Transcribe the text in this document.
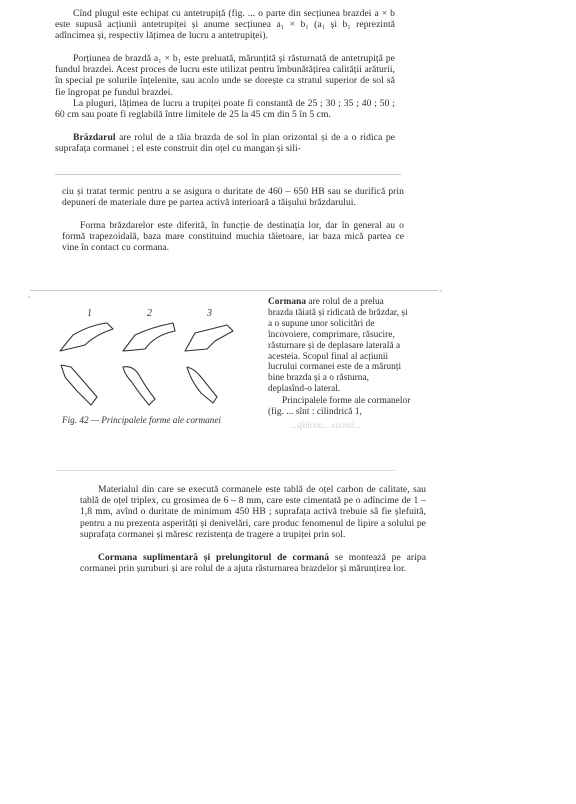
Cînd plugul este echipat cu antetrupiță (fig. ... o parte din secțiunea brazdei a × b este supusă acțiunii antetrupiței și anume secțiunea a₁ × b₁ (a₁ și b₁ reprezintă adîncimea și, respectiv lățimea de lucru a antetrupiței).

Porțiunea de brazdă a₁ × b₁ este preluată, mărunțită și răsturnată de antetrupiță pe fundul brazdei. Acest proces de lucru este utilizat pentru îmbunătățirea calității arăturii, în special pe solurile înțelenite, sau acolo unde se dorește ca stratul superior de sol să fie îngropat pe fundul brazdei.

La pluguri, lățimea de lucru a trupiței poate fi constantă de 25 ; 30 ; 35 ; 40 ; 50 ; 60 cm sau poate fi reglabilă între limitele de 25 la 45 cm din 5 în 5 cm.

Brăzdarul are rolul de a tăia brazda de sol în plan orizontal și de a o ridica pe suprafața cormanei ; el este construit din oțel cu mangan și sili-

ciu și tratat termic pentru a se asigura o duritate de 460 – 650 HB sau se durifică prin depuneri de materiale dure pe partea activă interioară a tăișului brăzdarului.

Forma brăzdarelor este diferită, în funcție de destinația lor, dar în general au o formă trapezoidală, baza mare constituind muchia tăietoare, iar baza mică partea ce vine în contact cu cormana.

1	2	3
Fig. 42 — Principalele forme ale cormanei	...sfalcoa... cu/mil...

Cormana are rolul de a prelua brazda tăiată și ridicată de brăzdar, și a o supune unor solicitări de încovoiere, comprimare, răsucire, răsturnare și de deplasare laterală a acesteia. Scopul final al acțiunii lucrului cormanei este de a mărunți bine brazda și a o răsturna, deplasînd-o lateral.

Principalele forme ale cormanelor (fig. ... sînt : cilindrică 1,

Materialul din care se execută cormanele este tablă de oțel carbon de calitate, sau tablă de oțel triplex, cu grosimea de 6 – 8 mm, care este cimentată pe o adîncime de 1 – 1,8 mm, avînd o duritate de minimum 450 HB ; suprafața activă trebuie să fie șlefuită, pentru a nu prezenta asperități și denivelări, care produc fenomenul de lipire a solului pe suprafața cormanei și măresc rezistența de tragere a trupiței prin sol.

Cormana suplimentară și prelungitorul de cormană se montează pe aripa cormanei prin șuruburi și are rolul de a ajuta răsturnarea brazdelor și mărunțirea lor.
